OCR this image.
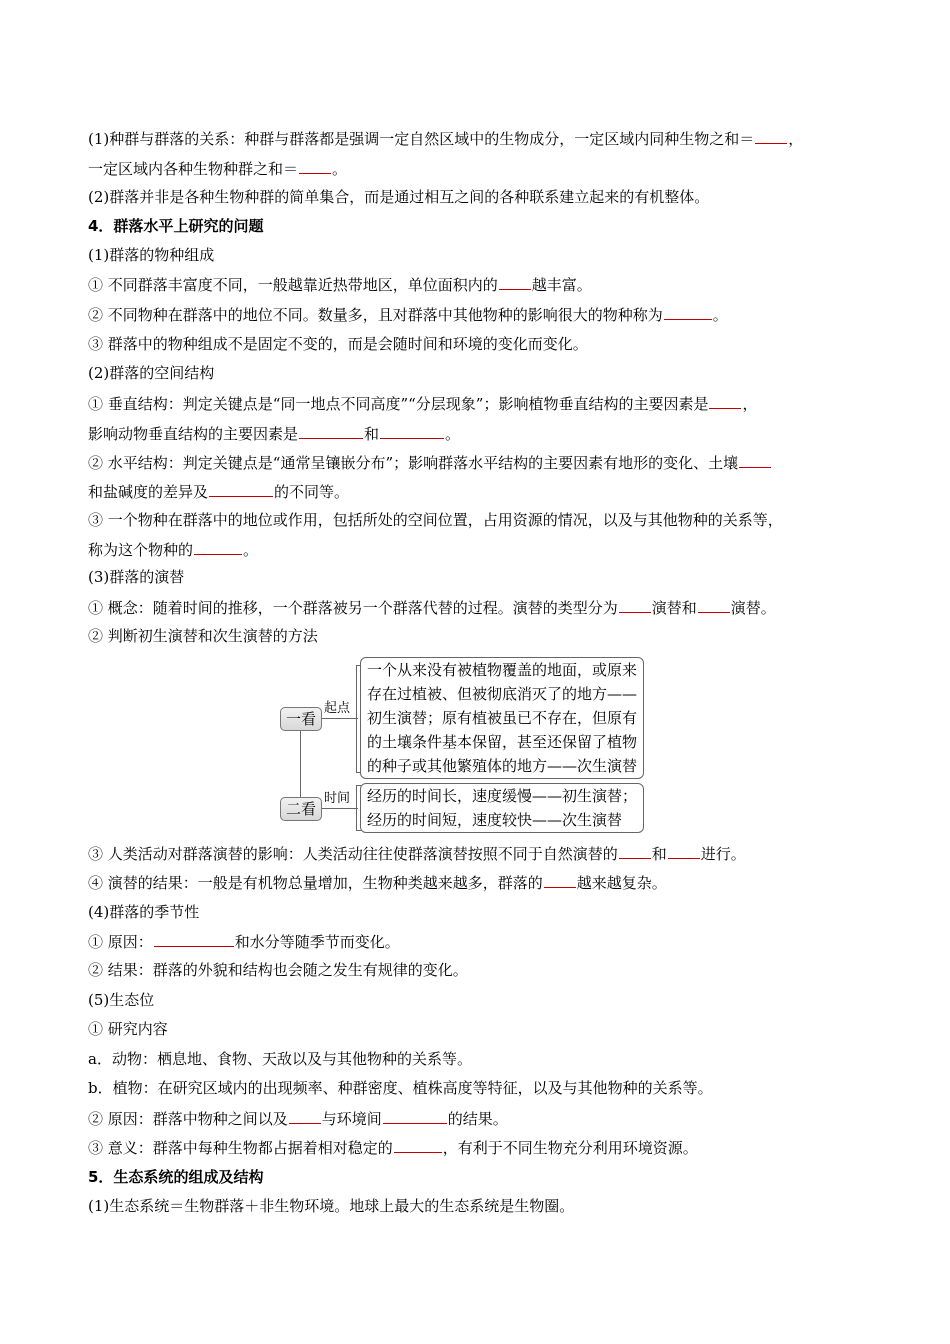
(1)种群与群落的关系：种群与群落都是强调一定自然区域中的生物成分，一定区域内同种生物之和＝ ，
一定区域内各种生物种群之和＝ 。
(2)群落并非是各种生物种群的简单集合，而是通过相互之间的各种联系建立起来的有机整体。
4．群落水平上研究的问题
(1)群落的物种组成
① 不同群落丰富度不同，一般越靠近热带地区，单位面积内的 越丰富。
② 不同物种在群落中的地位不同。数量多，且对群落中其他物种的影响很大的物种称为	。
③ 群落中的物种组成不是固定不变的，而是会随时间和环境的变化而变化。
(2)群落的空间结构
① 垂直结构：判定关键点是“同一地点不同高度”“分层现象”；影响植物垂直结构的主要因素是 ，
影响动物垂直结构的主要因素是	和	。
② 水平结构：判定关键点是“通常呈镶嵌分布”；影响群落水平结构的主要因素有地形的变化、土壤
和盐碱度的差异及	的不同等。
③ 一个物种在群落中的地位或作用，包括所处的空间位置，占用资源的情况，以及与其他物种的关系等，
称为这个物种的	。
(3)群落的演替
① 概念：随着时间的推移，一个群落被另一个群落代替的过程。演替的类型分为 演替和 演替。
② 判断初生演替和次生演替的方法
一看
二看
起点
时间
一个从来没有被植物覆盖的地面，或原来
存在过植被、但被彻底消灭了的地方——
初生演替；原有植被虽已不存在，但原有
的土壤条件基本保留，甚至还保留了植物
的种子或其他繁殖体的地方——次生演替
经历的时间长，速度缓慢——初生演替；
经历的时间短，速度较快——次生演替
③ 人类活动对群落演替的影响：人类活动往往使群落演替按照不同于自然演替的 和 进行。
④ 演替的结果：一般是有机物总量增加，生物种类越来越多，群落的 越来越复杂。
(4)群落的季节性
① 原因：	和水分等随季节而变化。
② 结果：群落的外貌和结构也会随之发生有规律的变化。
(5)生态位
① 研究内容
a．动物：栖息地、食物、天敌以及与其他物种的关系等。
b．植物：在研究区域内的出现频率、种群密度、植株高度等特征，以及与其他物种的关系等。
② 原因：群落中物种之间以及 与环境间	的结果。
③ 意义：群落中每种生物都占据着相对稳定的	，有利于不同生物充分利用环境资源。
5．生态系统的组成及结构
(1)生态系统＝生物群落＋非生物环境。地球上最大的生态系统是生物圈。
